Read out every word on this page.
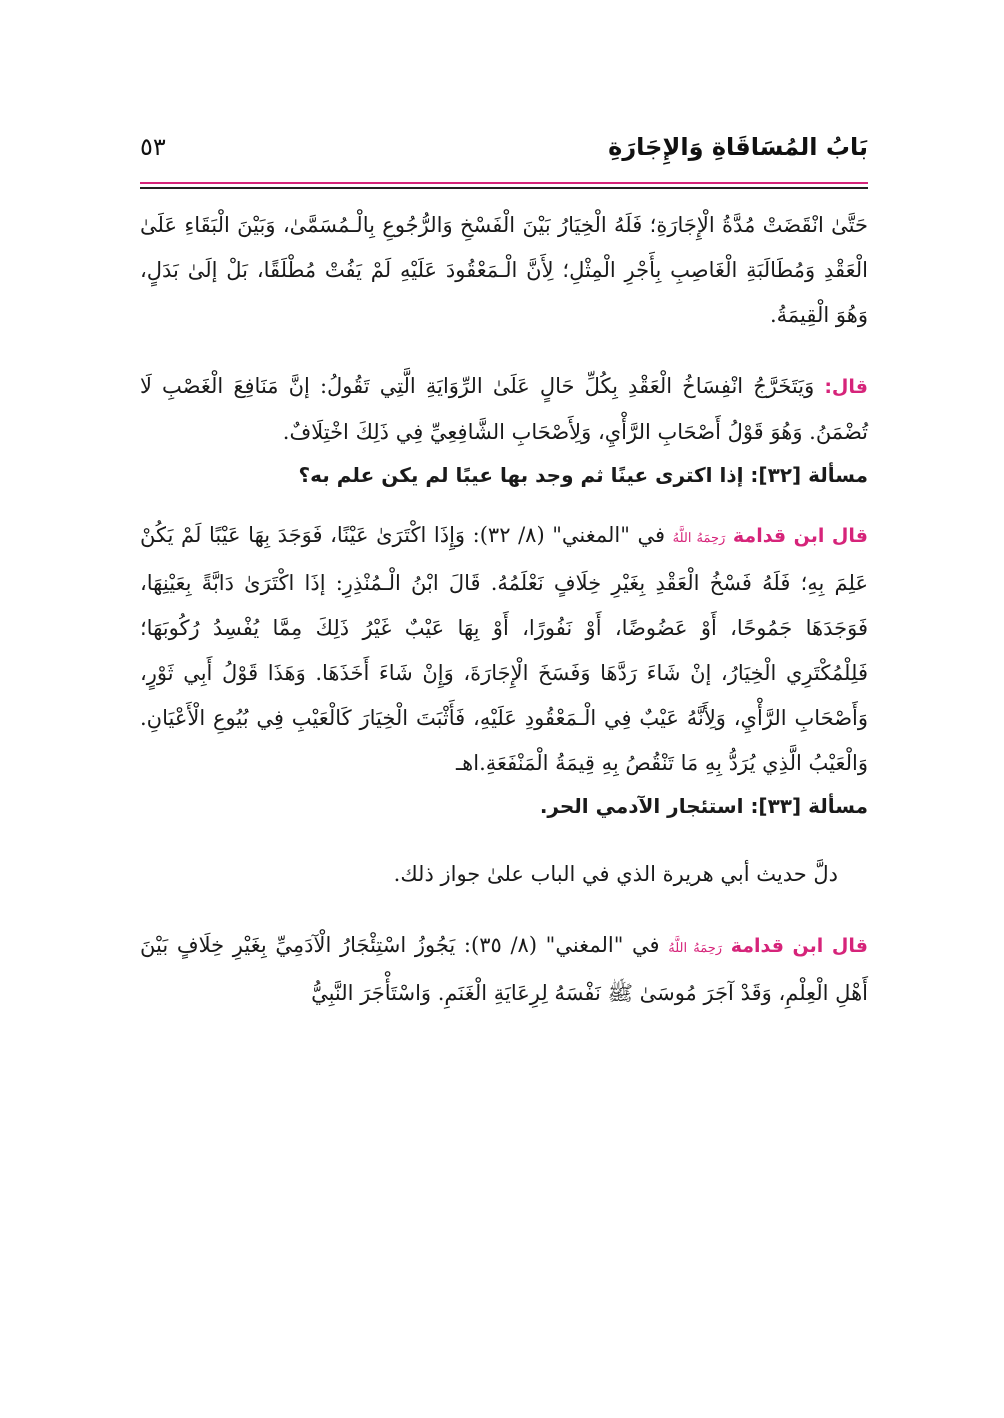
بَابُ المُسَاقَاةِ وَالإِجَارَةِ
٥٣

حَتَّىٰ انْقَضَتْ مُدَّةُ الْإِجَارَةِ؛ فَلَهُ الْخِيَارُ بَيْنَ الْفَسْخِ وَالرُّجُوعِ بِالْـمُسَمَّىٰ، وَبَيْنَ الْبَقَاءِ عَلَىٰ الْعَقْدِ وَمُطَالَبَةِ الْغَاصِبِ بِأَجْرِ الْمِثْلِ؛ لِأَنَّ الْـمَعْقُودَ عَلَيْهِ لَمْ يَفُتْ مُطْلَقًا، بَلْ إلَىٰ بَدَلٍ، وَهُوَ الْقِيمَةُ.

قال: وَيَتَخَرَّجُ انْفِسَاخُ الْعَقْدِ بِكُلِّ حَالٍ عَلَىٰ الرِّوَايَةِ الَّتِي تَقُولُ: إنَّ مَنَافِعَ الْغَصْبِ لَا تُضْمَنُ. وَهُوَ قَوْلُ أَصْحَابِ الرَّأْيِ، وَلِأَصْحَابِ الشَّافِعِيِّ فِي ذَلِكَ اخْتِلَافٌ.

مسألة [٣٢]: إذا اكترى عينًا ثم وجد بها عيبًا لم يكن علم به؟

قال ابن قدامة رَحِمَهُ اللَّهُ في "المغني" (٨/ ٣٢): وَإِذَا اكْتَرَىٰ عَيْنًا، فَوَجَدَ بِهَا عَيْبًا لَمْ يَكُنْ عَلِمَ بِهِ؛ فَلَهُ فَسْخُ الْعَقْدِ بِغَيْرِ خِلَافٍ نَعْلَمُهُ. قَالَ ابْنُ الْـمُنْذِرِ: إذَا اكْتَرَىٰ دَابَّةً بِعَيْنِهَا، فَوَجَدَهَا جَمُوحًا، أَوْ عَضُوضًا، أَوْ نَفُورًا، أَوْ بِهَا عَيْبٌ غَيْرُ ذَلِكَ مِمَّا يُفْسِدُ رُكُوبَهَا؛ فَلِلْمُكْتَرِي الْخِيَارُ، إنْ شَاءَ رَدَّهَا وَفَسَخَ الْإِجَارَةَ، وَإِنْ شَاءَ أَخَذَهَا. وَهَذَا قَوْلُ أَبِي ثَوْرٍ، وَأَصْحَابِ الرَّأْيِ، وَلِأَنَّهُ عَيْبٌ فِي الْـمَعْقُودِ عَلَيْهِ، فَأَثْبَتَ الْخِيَارَ كَالْعَيْبِ فِي بُيُوعِ الْأَعْيَانِ. وَالْعَيْبُ الَّذِي يُرَدُّ بِهِ مَا تَنْقُصُ بِهِ قِيمَةُ الْمَنْفَعَةِ.اهـ

مسألة [٣٣]: استئجار الآدمي الحر.

دلَّ حديث أبي هريرة الذي في الباب علىٰ جواز ذلك.

قال ابن قدامة رَحِمَهُ اللَّهُ في "المغني" (٨/ ٣٥): يَجُوزُ اسْتِئْجَارُ الْآدَمِيِّ بِغَيْرِ خِلَافٍ بَيْنَ أَهْلِ الْعِلْمِ، وَقَدْ آجَرَ مُوسَىٰ ﷺ نَفْسَهُ لِرِعَايَةِ الْغَنَمِ. وَاسْتَأْجَرَ النَّبِيُّ
